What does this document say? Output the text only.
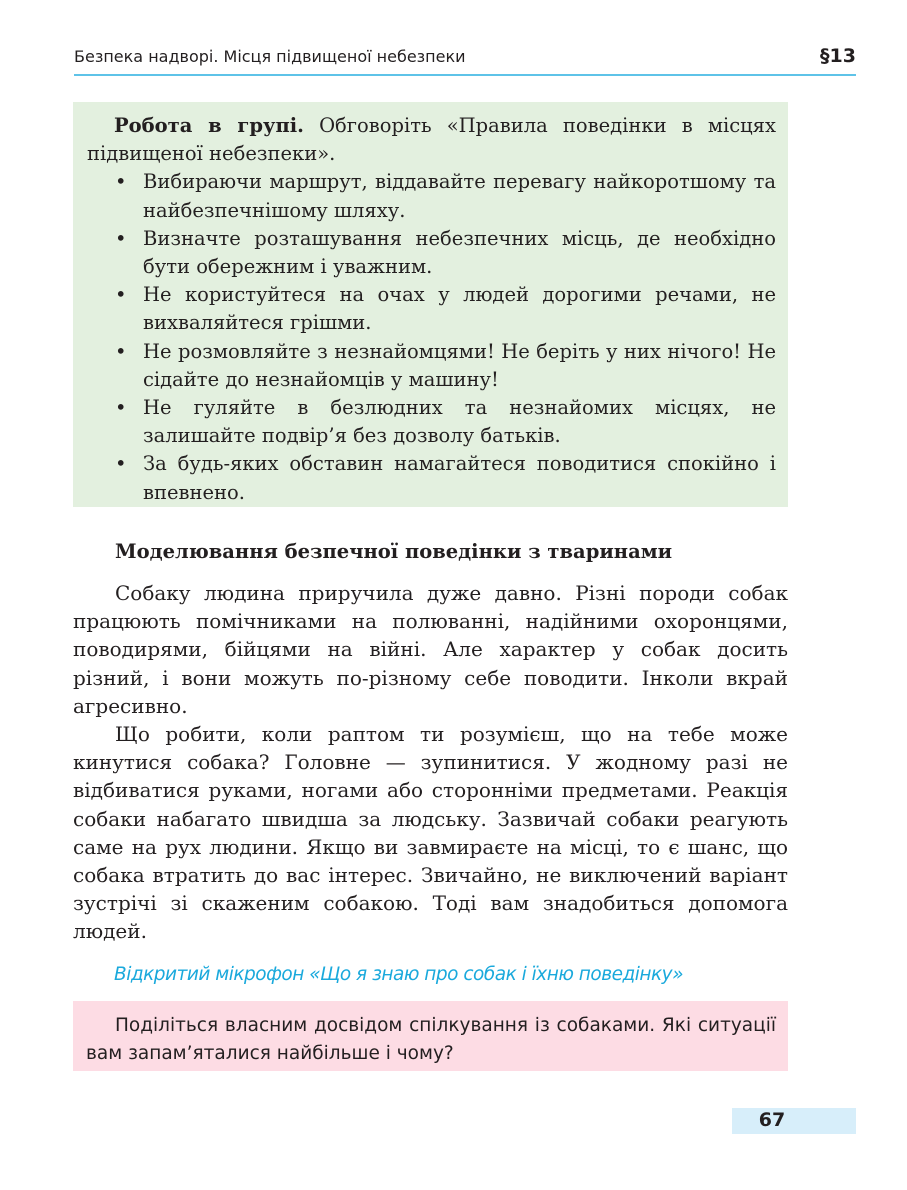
Безпека надворі. Місця підвищеної небезпеки	§13

Робота в групі. Обговоріть «Правила поведінки в місцях підвищеної небезпеки».

• Вибираючи маршрут, віддавайте перевагу найкоротшому та найбезпечнішому шляху.
• Визначте розташування небезпечних місць, де необхідно бути обережним і уважним.
• Не користуйтеся на очах у людей дорогими речами, не вихваляйтеся грішми.
• Не розмовляйте з незнайомцями! Не беріть у них нічого! Не сідайте до незнайомців у машину!
• Не гуляйте в безлюдних та незнайомих місцях, не залишайте подвір’я без дозволу батьків.
• За будь-яких обставин намагайтеся поводитися спокійно і впевнено.
Моделювання безпечної поведінки з тваринами

Собаку людина приручила дуже давно. Різні породи собак працюють помічниками на полюванні, надійними охоронцями, поводирями, бійцями на війні. Але характер у собак досить різний, і вони можуть по-різному себе поводити. Інколи вкрай агресивно.

Що робити, коли раптом ти розумієш, що на тебе може кинутися собака? Головне — зупинитися. У жодному разі не відбиватися руками, ногами або сторонніми предметами. Реакція собаки набагато швидша за людську. Зазвичай собаки реагують саме на рух людини. Якщо ви завмираєте на місці, то є шанс, що собака втратить до вас інтерес. Звичайно, не виключений варіант зустрічі зі скаженим собакою. Тоді вам знадобиться допомога людей.

Відкритий мікрофон «Що я знаю про собак і їхню поведінку»

Поділіться власним досвідом спілкування із собаками. Які ситуації вам запам’яталися найбільше і чому?

67
